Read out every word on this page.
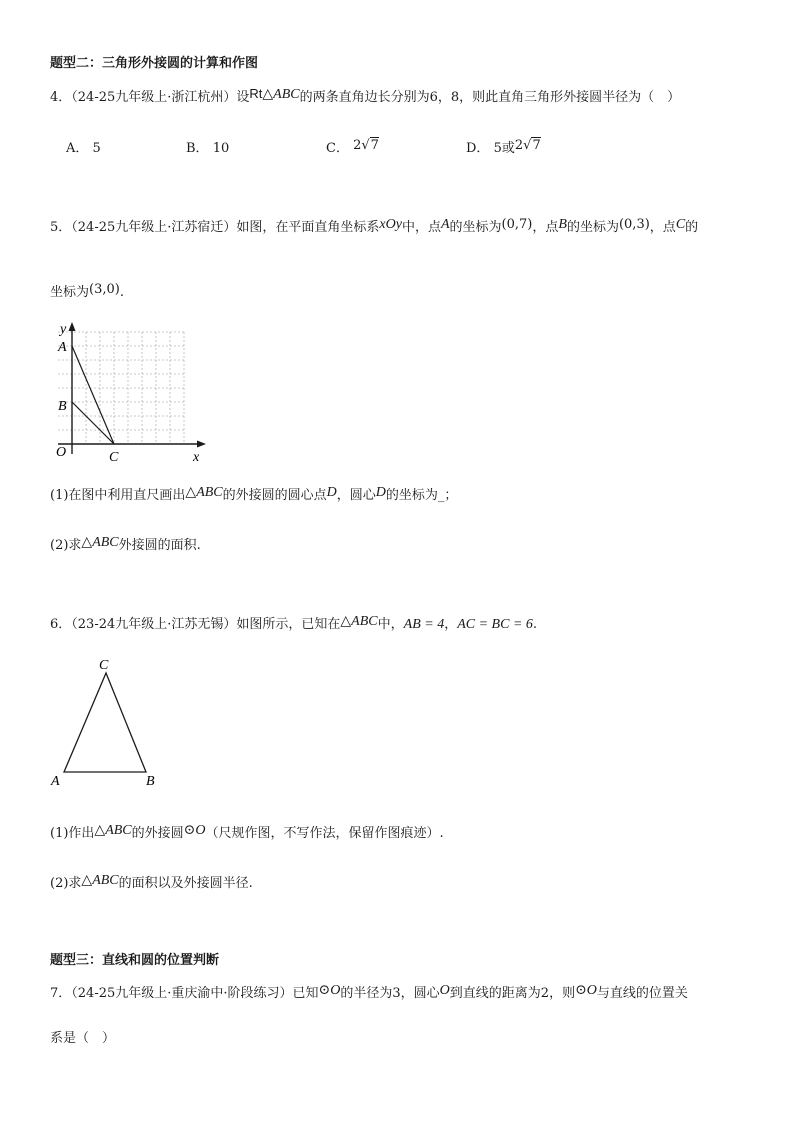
题型二：三角形外接圆的计算和作图
4．（24-25九年级上·浙江杭州）设Rt△ABC的两条直角边长分别为6，8，则此直角三角形外接圆半径为（　）
A． 5	B． 10	C． 2√7	D． 5或2√7
5．（24-25九年级上·江苏宿迁）如图，在平面直角坐标系xOy中，点A的坐标为(0,7)，点B的坐标为(0,3)，点C的
坐标为(3,0).
y
A
B
O	C	x
(1)在图中利用直尺画出△ABC的外接圆的圆心点D，圆心D的坐标为_；
(2)求△ABC外接圆的面积.
6．（23-24九年级上·江苏无锡）如图所示，已知在△ABC中，AB = 4，AC = BC = 6.
C
A	B
(1)作出△ABC的外接圆⊙O（尺规作图，不写作法，保留作图痕迹）.
(2)求△ABC的面积以及外接圆半径.
题型三：直线和圆的位置判断
7．（24-25九年级上·重庆渝中·阶段练习）已知⊙O的半径为3，圆心O到直线的距离为2，则⊙O与直线的位置关
系是（　）
